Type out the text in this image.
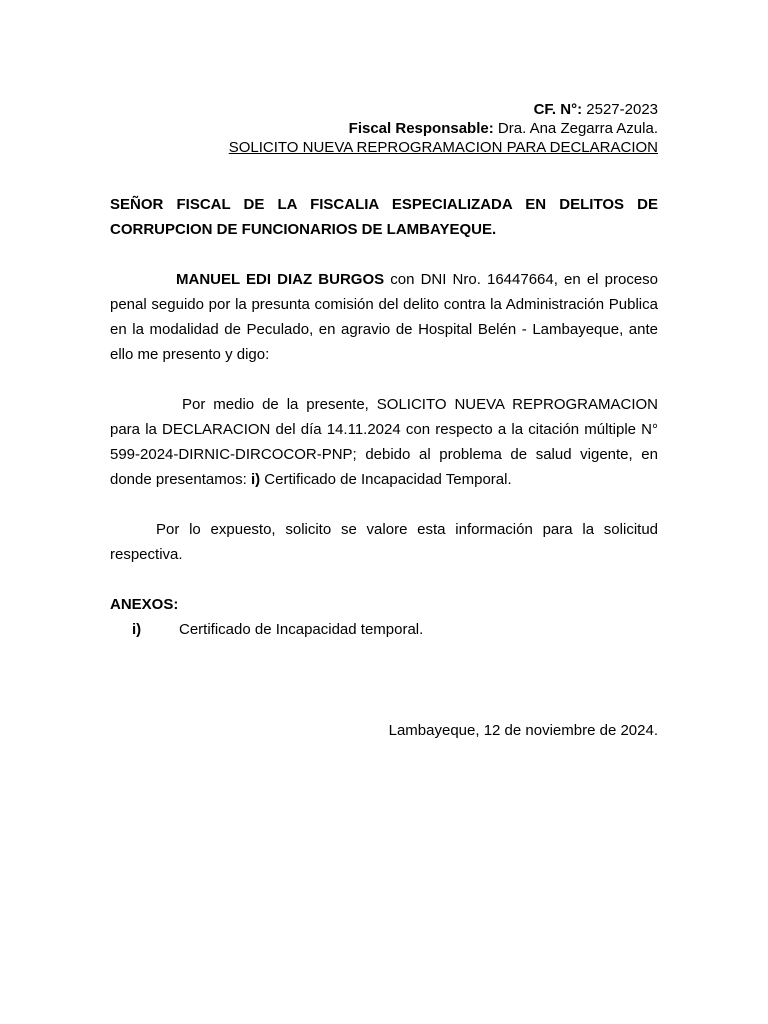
CF. N°: 2527-2023
Fiscal Responsable: Dra. Ana Zegarra Azula.
SOLICITO NUEVA REPROGRAMACION PARA DECLARACION
SEÑOR FISCAL DE LA FISCALIA ESPECIALIZADA EN DELITOS DE CORRUPCION DE FUNCIONARIOS DE LAMBAYEQUE.
MANUEL EDI DIAZ BURGOS con DNI Nro. 16447664, en el proceso penal seguido por la presunta comisión del delito contra la Administración Publica en la modalidad de Peculado, en agravio de Hospital Belén - Lambayeque, ante ello me presento y digo:
Por medio de la presente, SOLICITO NUEVA REPROGRAMACION para la DECLARACION del día 14.11.2024 con respecto a la citación múltiple N° 599-2024-DIRNIC-DIRCOCOR-PNP; debido al problema de salud vigente, en donde presentamos: i) Certificado de Incapacidad Temporal.
Por lo expuesto, solicito se valore esta información para la solicitud respectiva.
ANEXOS:
i)	Certificado de Incapacidad temporal.
Lambayeque, 12 de noviembre de 2024.
